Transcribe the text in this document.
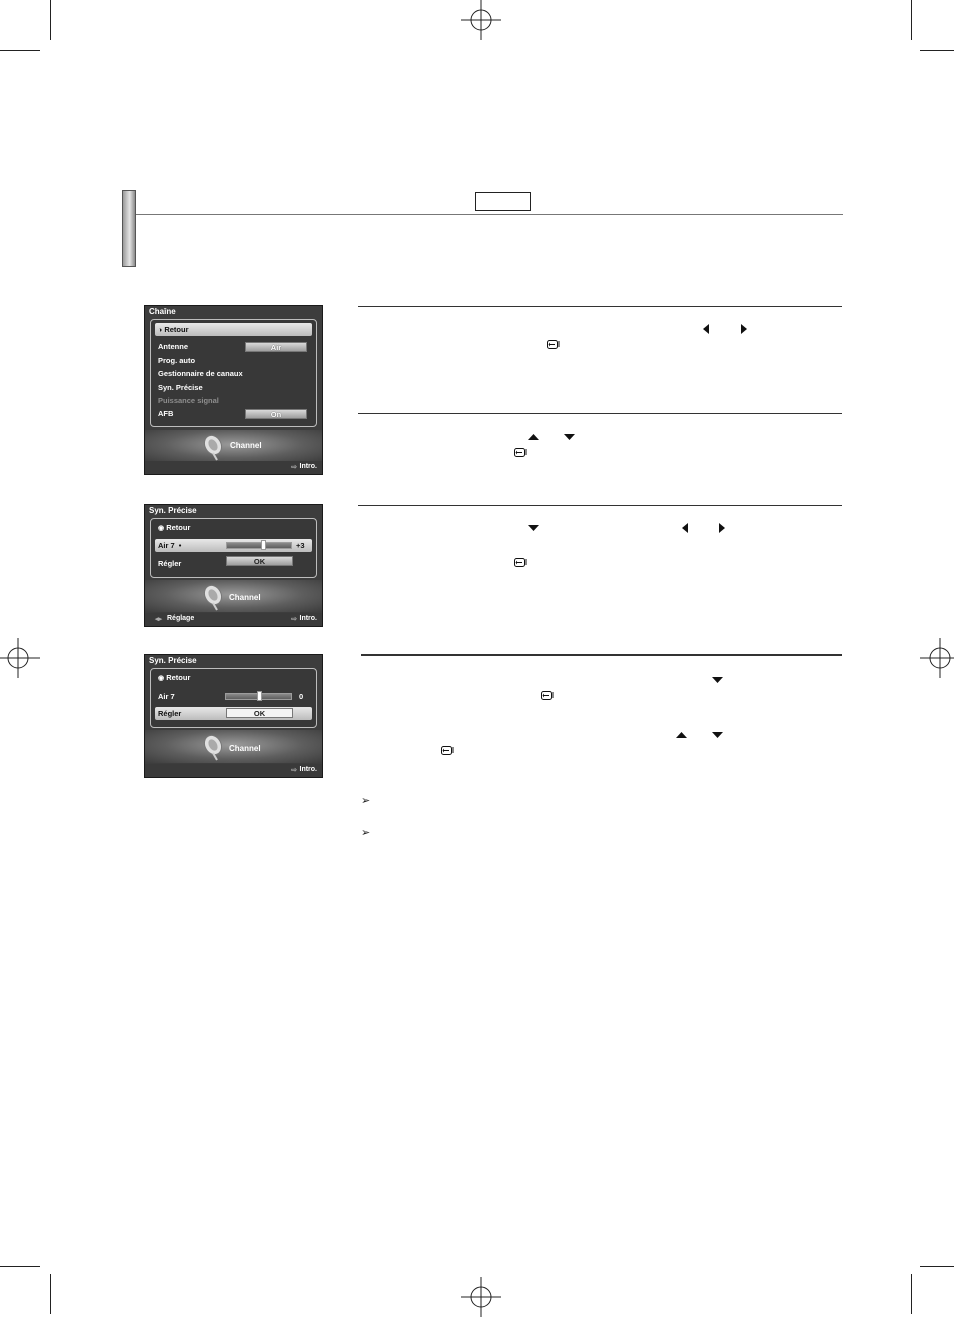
Chaîne
◑ Retour
Antenne	Air
Prog. auto
Gestionnaire de canaux
Syn. Précise
Puissance signal
AFB	On
Channel
⇨ Intro.
Syn. Précise
◉ Retour
Air 7 •	+3
Régler	OK
Channel
◂▸ Réglage	⇨ Intro.
Syn. Précise
◉ Retour
Air 7	0
Régler	OK
Channel
⇨ Intro.
➢
➢
